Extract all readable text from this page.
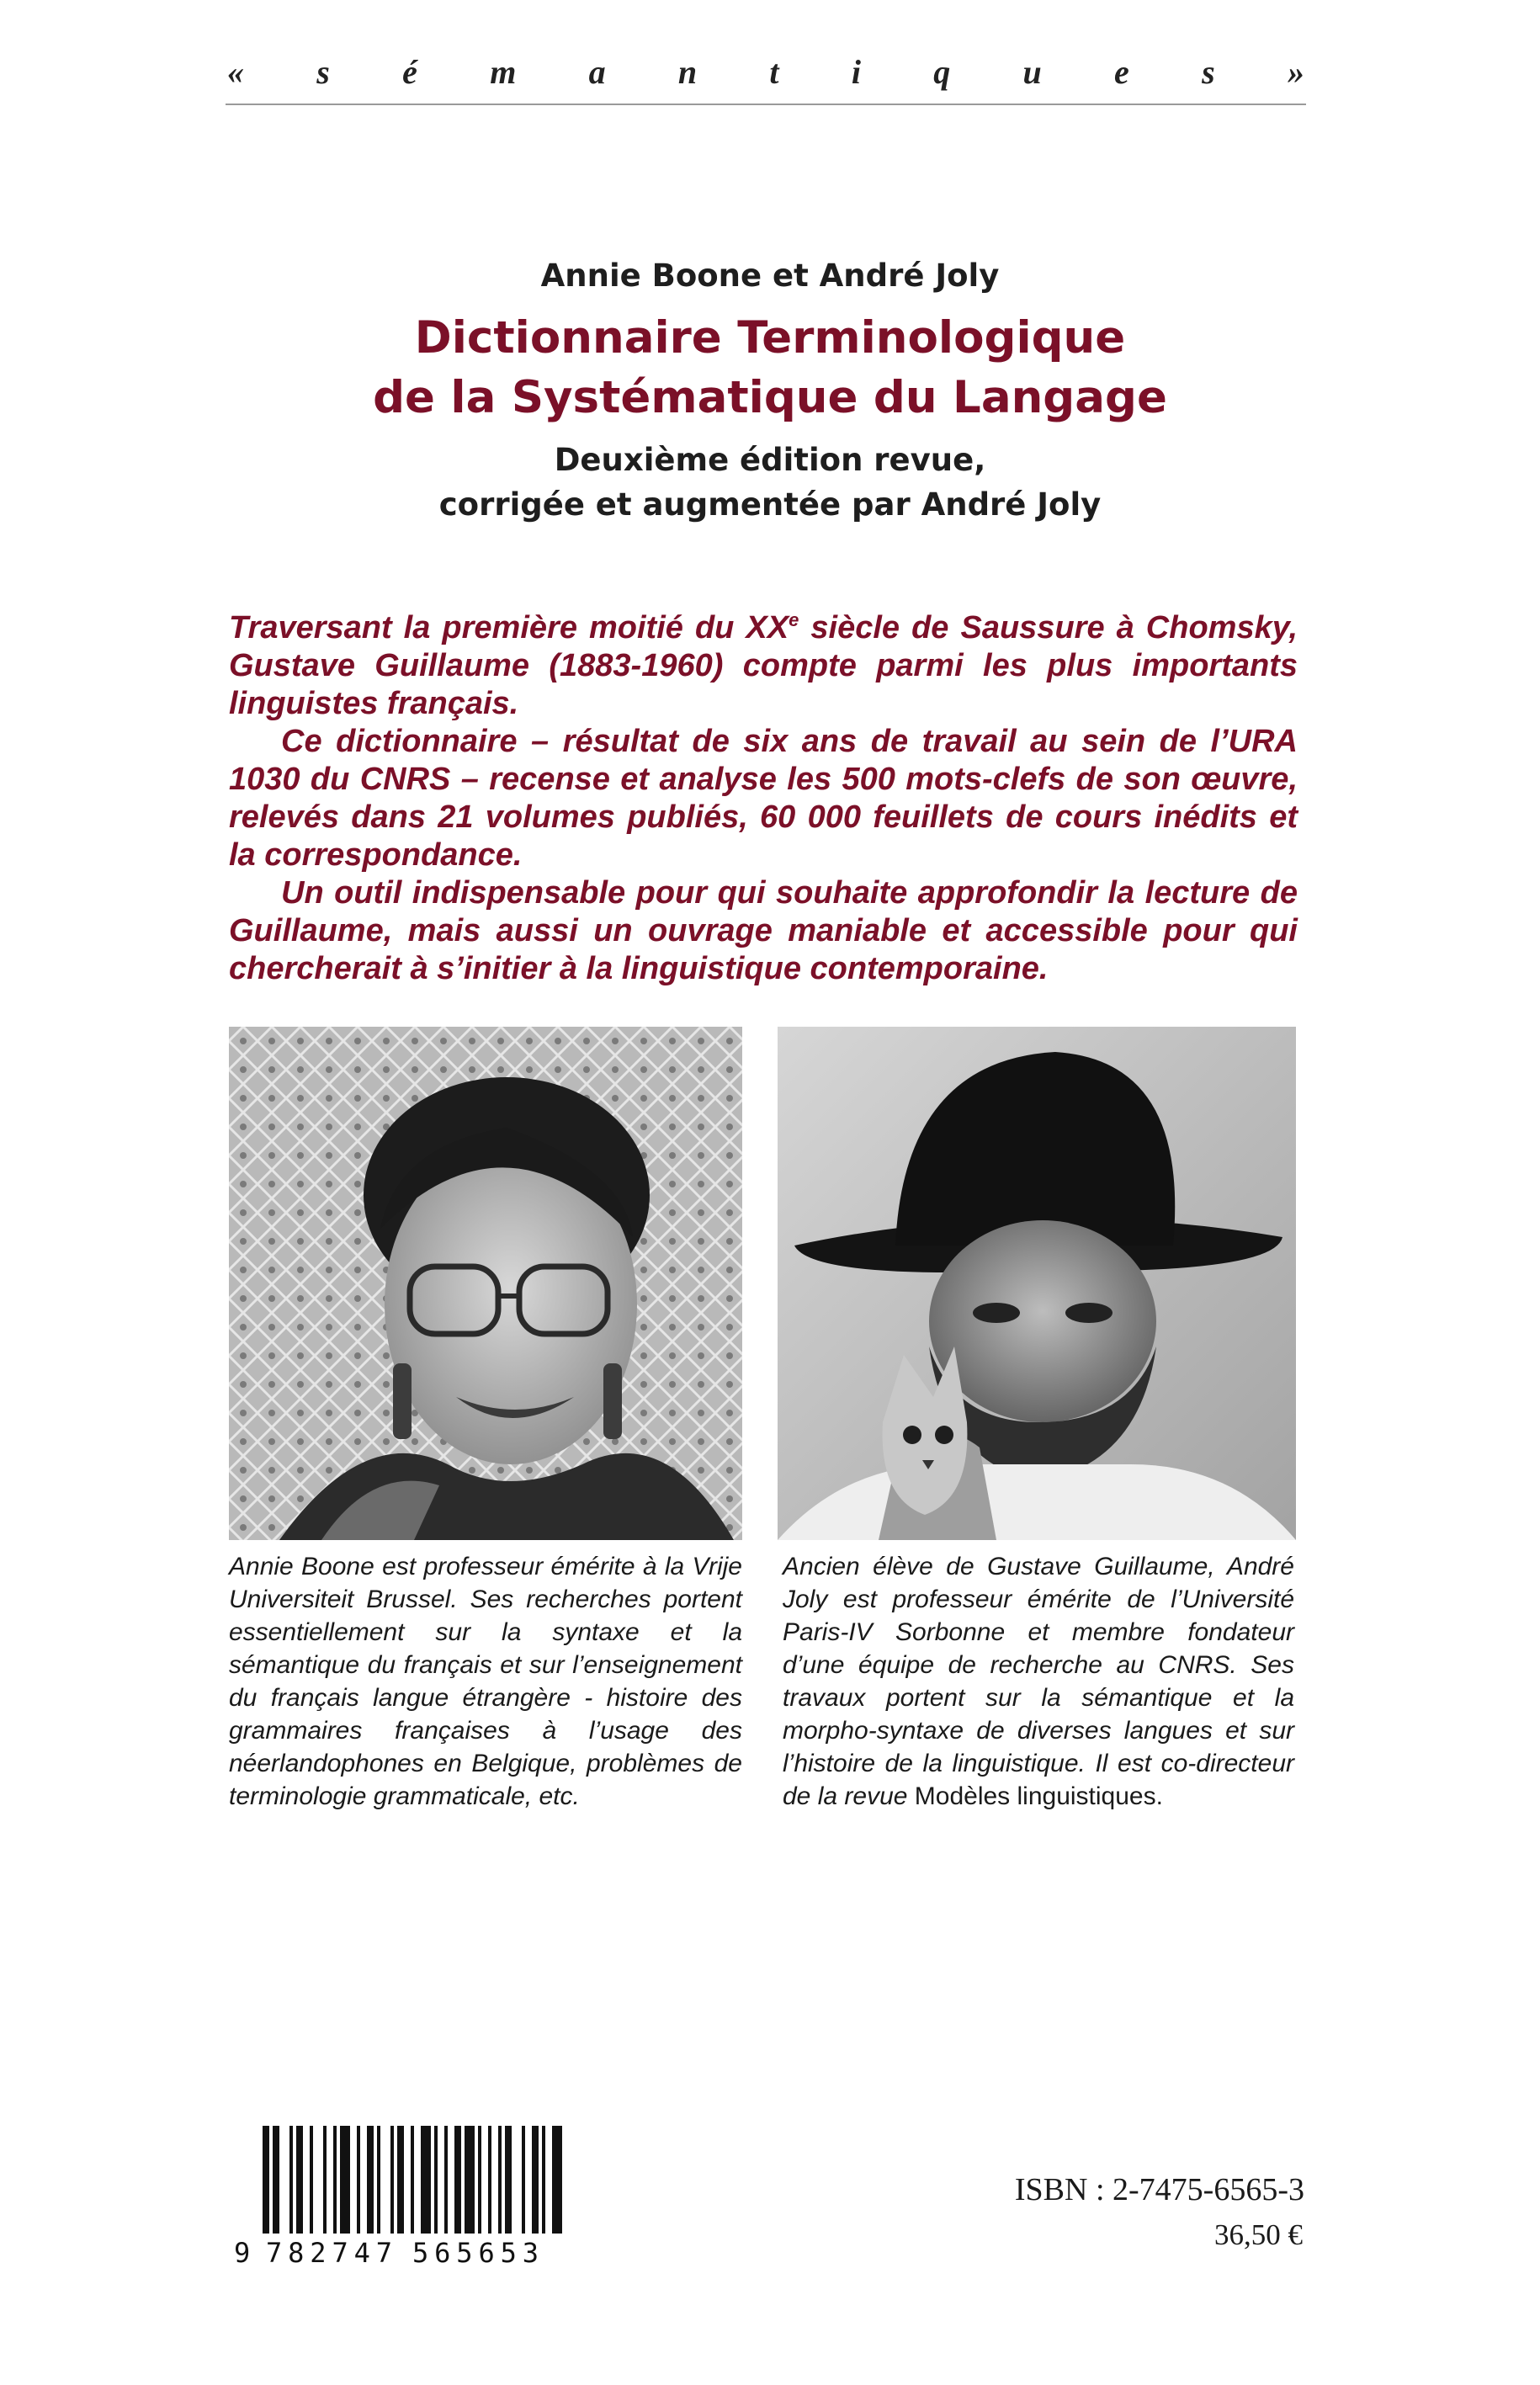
« s é m a n t i q u e s »
Annie Boone et André Joly
Dictionnaire Terminologique
de la Systématique du Langage
Deuxième édition revue,
corrigée et augmentée par André Joly

Traversant la première moitié du XXe siècle de Saussure à Chomsky, Gustave Guillaume (1883-1960) compte parmi les plus importants linguistes français.

Ce dictionnaire – résultat de six ans de travail au sein de l’URA 1030 du CNRS – recense et analyse les 500 mots-clefs de son œuvre, relevés dans 21 volumes publiés, 60 000 feuillets de cours inédits et la correspondance.

Un outil indispensable pour qui souhaite approfondir la lecture de Guillaume, mais aussi un ouvrage maniable et accessible pour qui chercherait à s’initier à la linguistique contemporaine.

Annie Boone est professeur émérite à la Vrije Universiteit Brussel. Ses recherches portent essentiellement sur la syntaxe et la sémantique du français et sur l’enseignement du français langue étrangère - histoire des grammaires françaises à l’usage des néerlandophones en Belgique, problèmes de terminologie grammaticale, etc.
Ancien élève de Gustave Guillaume, André Joly est professeur émérite de l’Université Paris-IV Sorbonne et membre fondateur d’une équipe de recherche au CNRS. Ses travaux portent sur la sémantique et la morpho-syntaxe de diverses langues et sur l’histoire de la linguistique. Il est co-directeur de la revue Modèles linguistiques.
9 782747 565653
ISBN : 2-7475-6565-3
36,50 €
